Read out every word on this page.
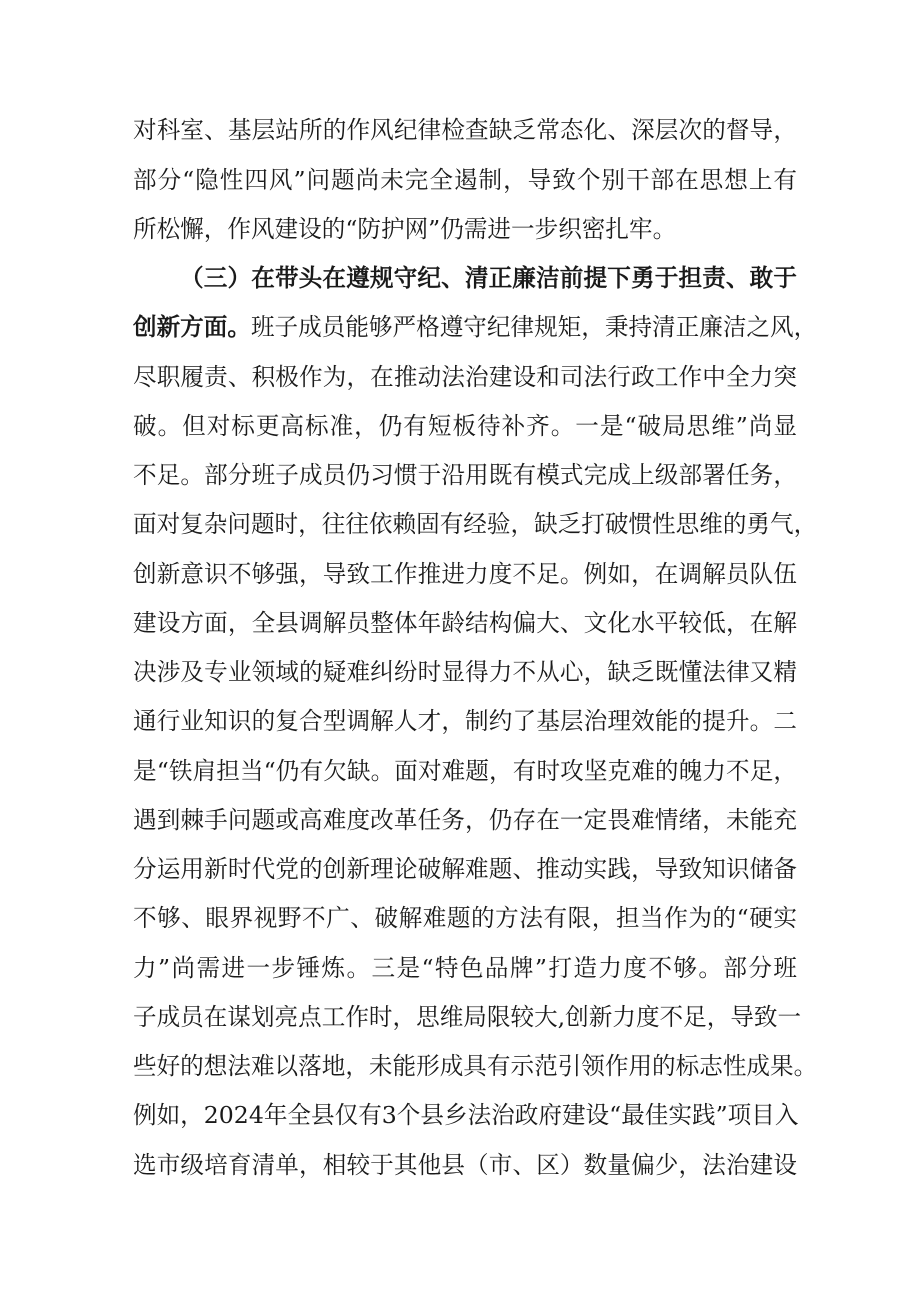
对科室、基层站所的作风纪律检查缺乏常态化、深层次的督导，
部分“隐性四风”问题尚未完全遏制，导致个别干部在思想上有
所松懈，作风建设的“防护网”仍需进一步织密扎牢。
（三）在带头在遵规守纪、清正廉洁前提下勇于担责、敢于
创新方面。班子成员能够严格遵守纪律规矩，秉持清正廉洁之风，
尽职履责、积极作为，在推动法治建设和司法行政工作中全力突
破。但对标更高标准，仍有短板待补齐。一是“破局思维”尚显
不足。部分班子成员仍习惯于沿用既有模式完成上级部署任务，
面对复杂问题时，往往依赖固有经验，缺乏打破惯性思维的勇气，
创新意识不够强，导致工作推进力度不足。例如，在调解员队伍
建设方面，全县调解员整体年龄结构偏大、文化水平较低，在解
决涉及专业领域的疑难纠纷时显得力不从心，缺乏既懂法律又精
通行业知识的复合型调解人才，制约了基层治理效能的提升。二
是“铁肩担当“仍有欠缺。面对难题，有时攻坚克难的魄力不足，
遇到棘手问题或高难度改革任务，仍存在一定畏难情绪，未能充
分运用新时代党的创新理论破解难题、推动实践，导致知识储备
不够、眼界视野不广、破解难题的方法有限，担当作为的“硬实
力”尚需进一步锤炼。三是“特色品牌”打造力度不够。部分班
子成员在谋划亮点工作时，思维局限较大,创新力度不足，导致一
些好的想法难以落地，未能形成具有示范引领作用的标志性成果。
例如，2024年全县仅有3个县乡法治政府建设“最佳实践”项目入
选市级培育清单，相较于其他县（市、区）数量偏少，法治建设
